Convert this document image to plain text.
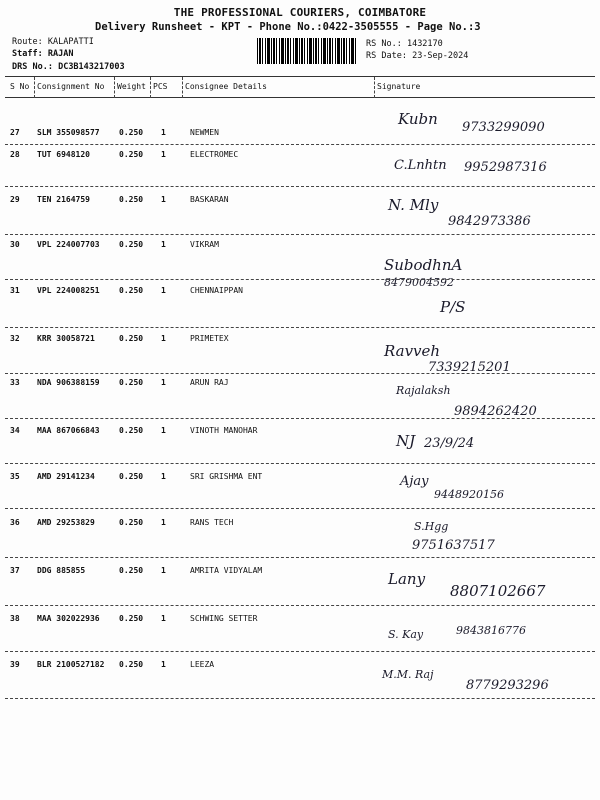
THE PROFESSIONAL COURIERS, COIMBATORE
Delivery Runsheet - KPT - Phone No.:0422-3505555 - Page No.:3
Route: KALAPATTI
Staff: RAJAN
DRS No.: DC3B143217003
RS No.: 1432170
RS Date: 23-Sep-2024
S No Consignment No Weight PCS Consignee Details	Signature
27 SLM 355098577 0.250 1	NEWMEN
Kubn 9733299090
28 TUT 6948120	0.250 1	ELECTROMEC
C.Lnhtn 9952987316
29 TEN 2164759	0.250 1	BASKARAN	N. Mly
9842973386
30 VPL 224007703 0.250 1	VIKRAM
SubodhnA
8479004592
31 VPL 224008251 0.250 1	CHENNAIPPAN
P/S
32 KRR 30058721	0.250 1	PRIMETEX
Ravveh
7339215201
33 NDA 906388159 0.250 1	ARUN RAJ
Rajalaksh
9894262420
34 MAA 867066843 0.250 1	VINOTH MANOHAR
NJ 23/9/24
35 AMD 29141234	0.250 1	SRI GRISHMA ENT	Ajay
9448920156
36 AMD 29253829	0.250 1	RANS TECH	S.Hgg
9751637517
37 DDG 885855	0.250 1	AMRITA VIDYALAM	Lany
8807102667
38 MAA 302022936 0.250 1	SCHWING SETTER
S. Kay	9843816776
39 BLR 2100527182 0.250 1	LEEZA
M.M. Raj
8779293296
